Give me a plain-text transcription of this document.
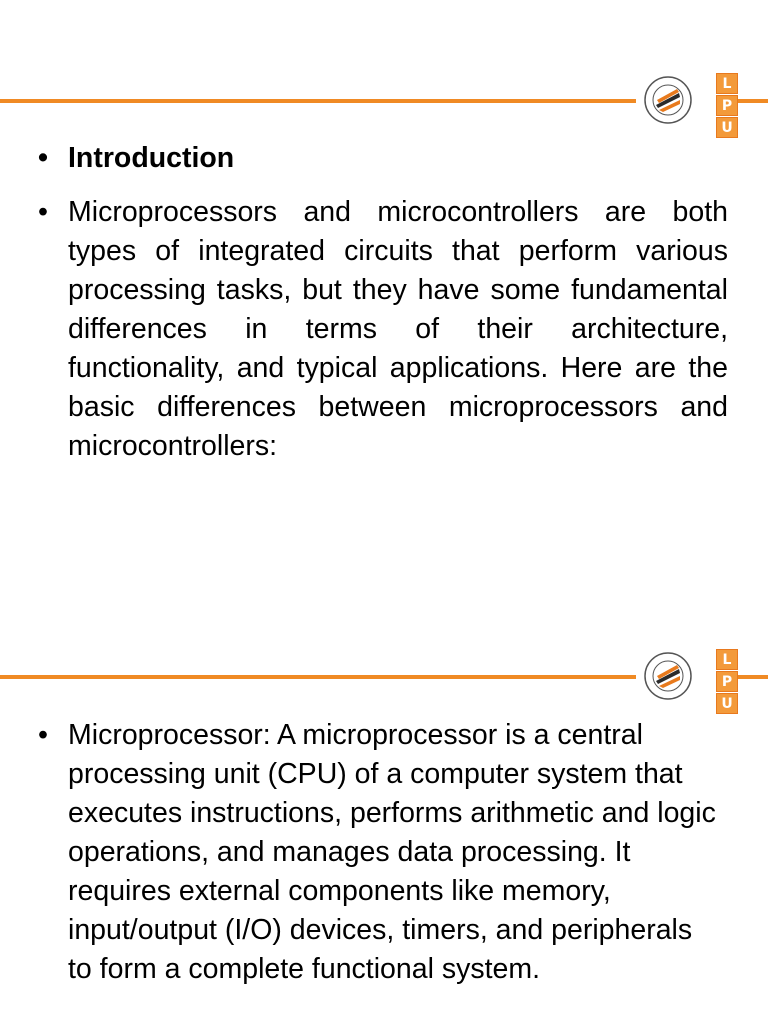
L
P
U
• Introduction
• Microprocessors and microcontrollers are both types of integrated circuits that perform various processing tasks, but they have some fundamental differences in terms of their architecture, functionality, and typical applications. Here are the basic differences between microprocessors and microcontrollers:
L
P
U
• Microprocessor: A microprocessor is a central processing unit (CPU) of a computer system that executes instructions, performs arithmetic and logic operations, and manages data processing. It requires external components like memory, input/output (I/O) devices, timers, and peripherals to form a complete functional system.
